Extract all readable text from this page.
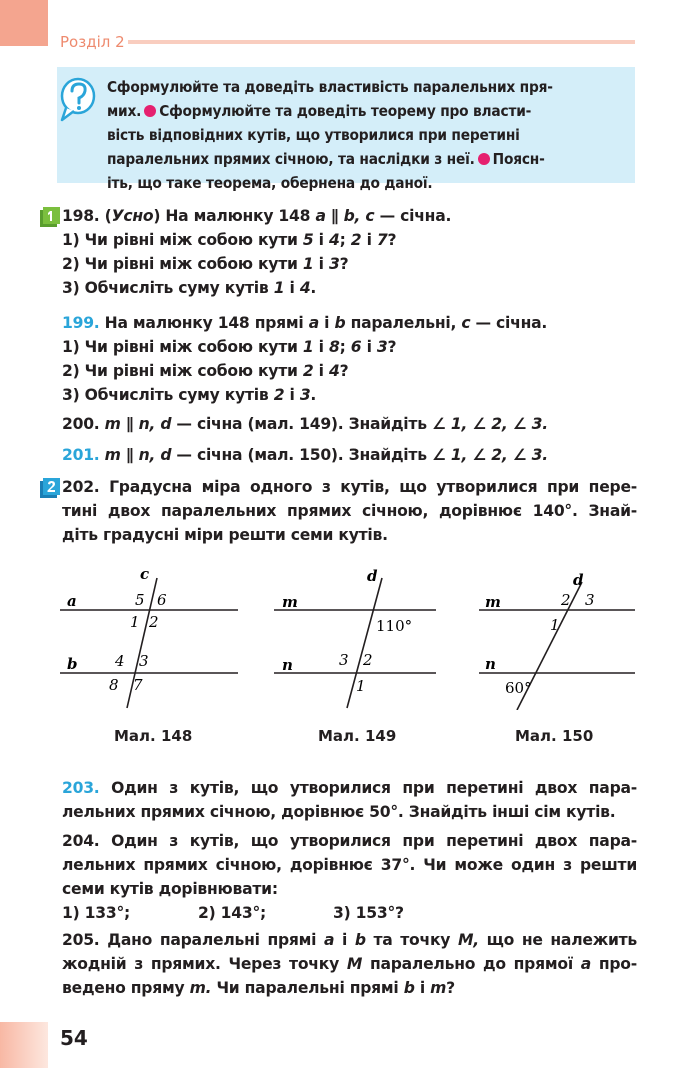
Розділ 2
Сформулюйте та доведіть властивість паралельних пря-
мих. Сформулюйте та доведіть теорему про власти-
вість відповідних кутів, що утворилися при перетині
паралельних прямих січною, та наслідки з неї. Поясн-
іть, що таке теорема, обернена до даної.
198. (Усно) На малюнку 148 a ∥ b, c — січна.
1) Чи рівні між собою кути 5 і 4; 2 і 7?
2) Чи рівні між собою кути 1 і 3?
3) Обчисліть суму кутів 1 і 4.
199. На малюнку 148 прямі a і b паралельні, c — січна.
1) Чи рівні між собою кути 1 і 8; 6 і 3?
2) Чи рівні між собою кути 2 і 4?
3) Обчисліть суму кутів 2 і 3.
200. m ∥ n, d — січна (мал. 149). Знайдіть ∠ 1, ∠ 2, ∠ 3.
201. m ∥ n, d — січна (мал. 150). Знайдіть ∠ 1, ∠ 2, ∠ 3.
202. Градусна міра одного з кутів, що утворилися при пере-
тині двох паралельних прямих січною, дорівнює 140°. Знай-
діть градусні міри решти семи кутів.
a
b
c
5 6
1 2
4 3
8 7
Мал. 148
m
n
d
110°
3 2
1
Мал. 149
m
n
d
2 3
1
60°
Мал. 150
203. Один з кутів, що утворилися при перетині двох пара-
лельних прямих січною, дорівнює 50°. Знайдіть інші сім кутів.
204. Один з кутів, що утворилися при перетині двох пара-
лельних прямих січною, дорівнює 37°. Чи може один з решти
семи кутів дорівнювати:
1) 133°;	2) 143°;	3) 153°?
205. Дано паралельні прямі a і b та точку M, що не належить
жодній з прямих. Через точку M паралельно до прямої a про-
ведено пряму m. Чи паралельні прямі b і m?
54
